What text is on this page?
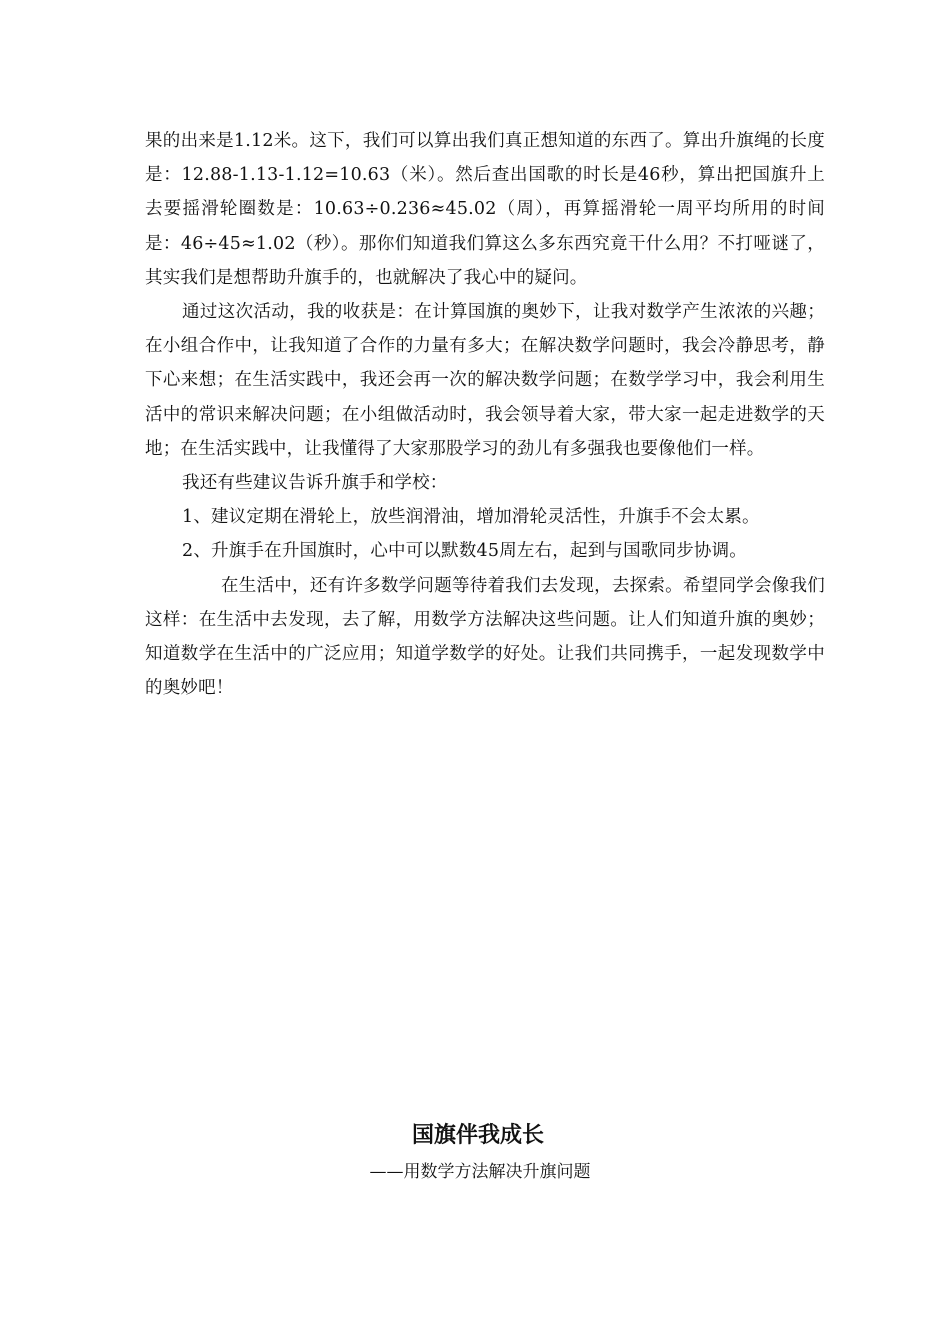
果的出来是1.12米。这下，我们可以算出我们真正想知道的东西了。算出升旗绳的长度是：12.88-1.13-1.12=10.63（米）。然后查出国歌的时长是46秒，算出把国旗升上去要摇滑轮圈数是：10.63÷0.236≈45.02（周），再算摇滑轮一周平均所用的时间是：46÷45≈1.02（秒）。那你们知道我们算这么多东西究竟干什么用？不打哑谜了，其实我们是想帮助升旗手的，也就解决了我心中的疑问。

通过这次活动，我的收获是：在计算国旗的奥妙下，让我对数学产生浓浓的兴趣；在小组合作中，让我知道了合作的力量有多大；在解决数学问题时，我会冷静思考，静下心来想；在生活实践中，我还会再一次的解决数学问题；在数学学习中，我会利用生活中的常识来解决问题；在小组做活动时，我会领导着大家，带大家一起走进数学的天地；在生活实践中，让我懂得了大家那股学习的劲儿有多强我也要像他们一样。

我还有些建议告诉升旗手和学校：

1、建议定期在滑轮上，放些润滑油，增加滑轮灵活性，升旗手不会太累。

2、升旗手在升国旗时，心中可以默数45周左右，起到与国歌同步协调。

在生活中，还有许多数学问题等待着我们去发现，去探索。希望同学会像我们这样：在生活中去发现，去了解，用数学方法解决这些问题。让人们知道升旗的奥妙；知道数学在生活中的广泛应用；知道学数学的好处。让我们共同携手，一起发现数学中的奥妙吧！

国旗伴我成长

——用数学方法解决升旗问题
